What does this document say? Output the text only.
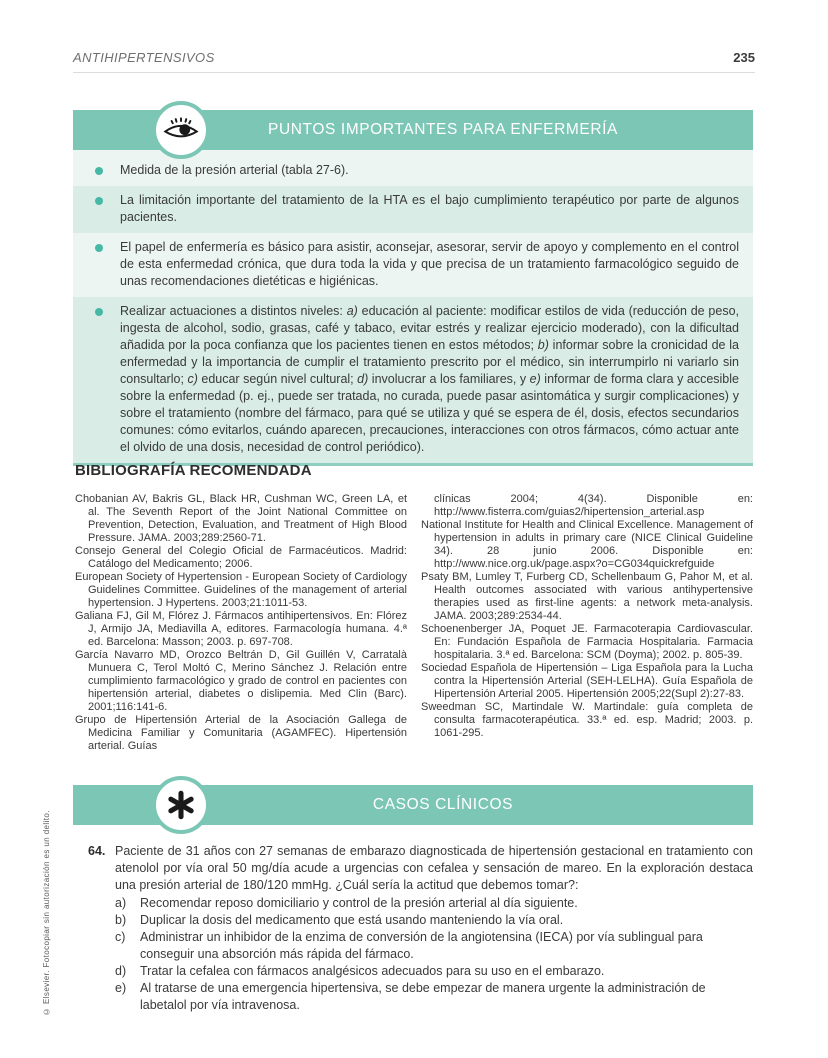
ANTIHIPERTENSIVOS	235
© Elsevier. Fotocopiar sin autorización es un delito.
PUNTOS IMPORTANTES PARA ENFERMERÍA

Medida de la presión arterial (tabla 27-6).

La limitación importante del tratamiento de la HTA es el bajo cumplimiento terapéutico por parte de algunos pacientes.

El papel de enfermería es básico para asistir, aconsejar, asesorar, servir de apoyo y complemento en el control de esta enfermedad crónica, que dura toda la vida y que precisa de un tratamiento farmacológico seguido de unas recomendaciones dietéticas e higiénicas.

Realizar actuaciones a distintos niveles: a) educación al paciente: modificar estilos de vida (reducción de peso, ingesta de alcohol, sodio, grasas, café y tabaco, evitar estrés y realizar ejercicio moderado), con la dificultad añadida por la poca confianza que los pacientes tienen en estos métodos; b) informar sobre la cronicidad de la enfermedad y la importancia de cumplir el tratamiento prescrito por el médico, sin interrumpirlo ni variarlo sin consultarlo; c) educar según nivel cultural; d) involucrar a los familiares, y e) informar de forma clara y accesible sobre la enfermedad (p. ej., puede ser tratada, no curada, puede pasar asintomática y surgir complicaciones) y sobre el tratamiento (nombre del fármaco, para qué se utiliza y qué se espera de él, dosis, efectos secundarios comunes: cómo evitarlos, cuándo aparecen, precauciones, interacciones con otros fármacos, cómo actuar ante el olvido de una dosis, necesidad de control periódico).

BIBLIOGRAFÍA RECOMENDADA

Chobanian AV, Bakris GL, Black HR, Cushman WC, Green LA, et al. The Seventh Report of the Joint National Committee on Prevention, Detection, Evaluation, and Treatment of High Blood Pressure. JAMA. 2003;289:2560-71.

Consejo General del Colegio Oficial de Farmacéuticos. Madrid: Catálogo del Medicamento; 2006.

European Society of Hypertension - European Society of Cardiology Guidelines Committee. Guidelines of the management of arterial hypertension. J Hypertens. 2003;21:1011-53.

Galiana FJ, Gil M, Flórez J. Fármacos antihipertensivos. En: Flórez J, Armijo JA, Mediavilla A, editores. Farmacología humana. 4.ª ed. Barcelona: Masson; 2003. p. 697-708.

García Navarro MD, Orozco Beltrán D, Gil Guillén V, Carratalà Munuera C, Terol Moltó C, Merino Sánchez J. Relación entre cumplimiento farmacológico y grado de control en pacientes con hipertensión arterial, diabetes o dislipemia. Med Clin (Barc). 2001;116:141-6.

Grupo de Hipertensión Arterial de la Asociación Gallega de Medicina Familiar y Comunitaria (AGAMFEC). Hipertensión arterial. Guías

clínicas 2004; 4(34). Disponible en: http://www.fisterra.com/guias2/hipertension_arterial.asp

National Institute for Health and Clinical Excellence. Management of hypertension in adults in primary care (NICE Clinical Guideline 34). 28 junio 2006. Disponible en: http://www.nice.org.uk/page.aspx?o=CG034quickrefguide

Psaty BM, Lumley T, Furberg CD, Schellenbaum G, Pahor M, et al. Health outcomes associated with various antihypertensive therapies used as first-line agents: a network meta-analysis. JAMA. 2003;289:2534-44.

Schoenenberger JA, Poquet JE. Farmacoterapia Cardiovascular. En: Fundación Española de Farmacia Hospitalaria. Farmacia hospitalaria. 3.ª ed. Barcelona: SCM (Doyma); 2002. p. 805-39.

Sociedad Española de Hipertensión – Liga Española para la Lucha contra la Hipertensión Arterial (SEH-LELHA). Guía Española de Hipertensión Arterial 2005. Hipertensión 2005;22(Supl 2):27-83.

Sweedman SC, Martindale W. Martindale: guía completa de consulta farmacoterapéutica. 33.ª ed. esp. Madrid; 2003. p. 1061-295.

CASOS CLÍNICOS
64. Paciente de 31 años con 27 semanas de embarazo diagnosticada de hipertensión gestacional en tratamiento con atenolol por vía oral 50 mg/día acude a urgencias con cefalea y sensación de mareo. En la exploración destaca una presión arterial de 180/120 mmHg. ¿Cuál sería la actitud que debemos tomar?:

a)	Recomendar reposo domiciliario y control de la presión arterial al día siguiente.

b)	Duplicar la dosis del medicamento que está usando manteniendo la vía oral.

c)	Administrar un inhibidor de la enzima de conversión de la angiotensina (IECA) por vía sublingual para conseguir una absorción más rápida del fármaco.

d)	Tratar la cefalea con fármacos analgésicos adecuados para su uso en el embarazo.

e)	Al tratarse de una emergencia hipertensiva, se debe empezar de manera urgente la administración de labetalol por vía intravenosa.
